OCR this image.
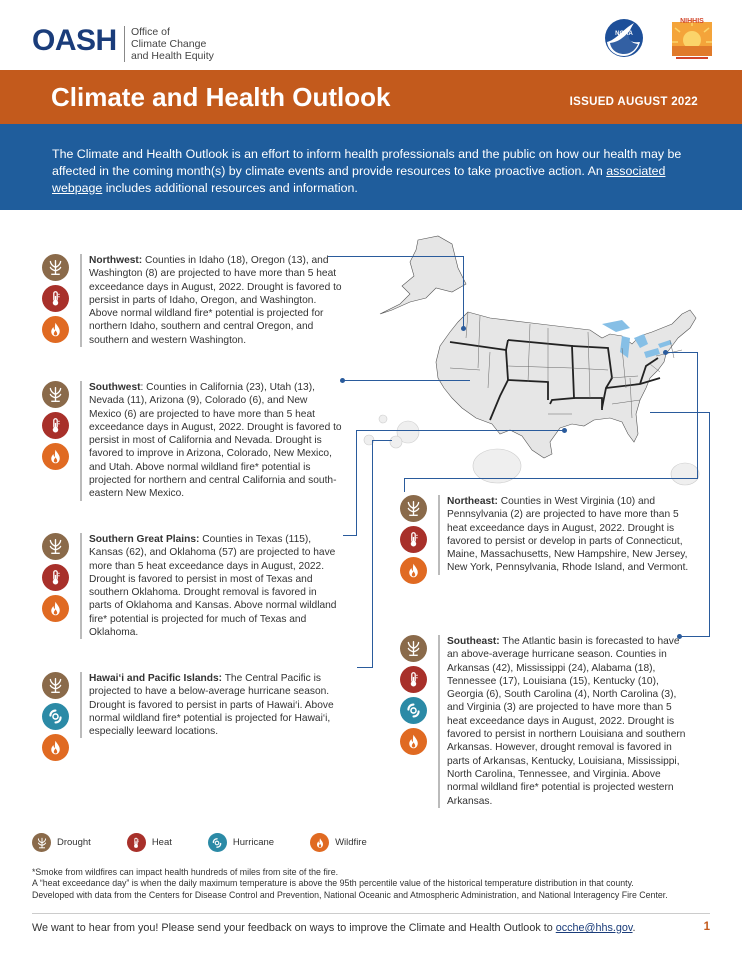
OASH Office of
Climate Change
and Health Equity
NOAA
NIHHIS
Climate and Health Outlook	ISSUED AUGUST 2022
The Climate and Health Outlook is an effort to inform health professionals and the public on how our health may be affected in the coming month(s) by climate events and provide resources to take proactive action. An associated webpage includes additional resources and information.
Northwest: Counties in Idaho (18), Oregon (13), and Washington (8) are projected to have more than 5 heat exceedance days in August, 2022. Drought is favored to persist in parts of Idaho, Oregon, and Washington. Above normal wildland fire* potential is projected for northern Idaho, southern and central Oregon, and southern and western Washington.
Southwest: Counties in California (23), Utah (13), Nevada (11), Arizona (9), Colorado (6), and New Mexico (6) are projected to have more than 5 heat exceedance days in August, 2022. Drought is favored to persist in most of California and Nevada. Drought is favored to improve in Arizona, Colorado, New Mexico, and Utah. Above normal wildland fire* potential is projected for northern and central California and south-eastern New Mexico.
Southern Great Plains: Counties in Texas (115), Kansas (62), and Oklahoma (57) are projected to have more than 5 heat exceedance days in August, 2022. Drought is favored to persist in most of Texas and southern Oklahoma. Drought removal is favored in parts of Oklahoma and Kansas. Above normal wildland fire* potential is projected for much of Texas and Oklahoma.
Hawai‘i and Pacific Islands: The Central Pacific is projected to have a below-average hurricane season. Drought is favored to persist in parts of Hawai‘i. Above normal wildland fire* potential is projected for Hawai‘i, especially leeward locations.
Northeast: Counties in West Virginia (10) and Pennsylvania (2) are projected to have more than 5 heat exceedance days in August, 2022. Drought is favored to persist or develop in parts of Connecticut, Maine, Massachusetts, New Hampshire, New Jersey, New York, Pennsylvania, Rhode Island, and Vermont.
Southeast: The Atlantic basin is forecasted to have an above-average hurricane season. Counties in Arkansas (42), Mississippi (24), Alabama (18), Tennessee (17), Louisiana (15), Kentucky (10), Georgia (6), South Carolina (4), North Carolina (3), and Virginia (3) are projected to have more than 5 heat exceedance days in August, 2022. Drought is favored to persist in northern Louisiana and southern Arkansas. However, drought removal is favored in parts of Arkansas, Kentucky, Louisiana, Mississippi, North Carolina, Tennessee, and Virginia. Above normal wildland fire* potential is projected western Arkansas.
Drought	Heat	Hurricane	Wildfire
*Smoke from wildfires can impact health hundreds of miles from site of the fire.
A “heat exceedance day” is when the daily maximum temperature is above the 95th percentile value of the historical temperature distribution in that county.
Developed with data from the Centers for Disease Control and Prevention, National Oceanic and Atmospheric Administration, and National Interagency Fire Center.
We want to hear from you! Please send your feedback on ways to improve the Climate and Health Outlook to ocche@hhs.gov.	1
